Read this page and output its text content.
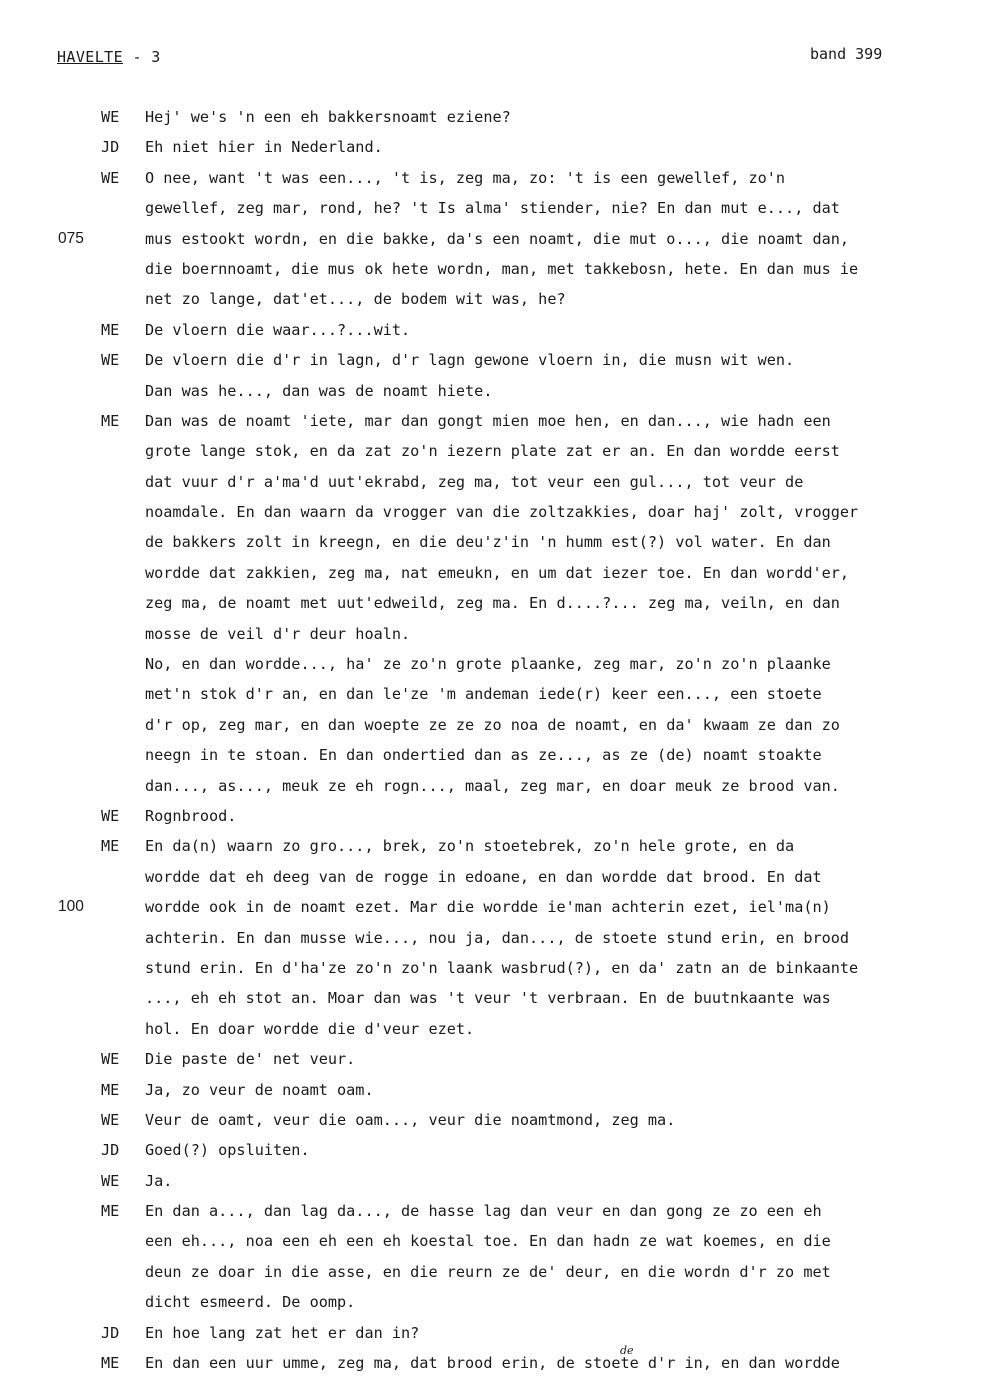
HAVELTE - 3	band 399
WE Hej' we's 'n een eh bakkersnoamt eziene?
JD Eh niet hier in Nederland.
WE O nee, want 't was een..., 't is, zeg ma, zo: 't is een gewellef, zo'n
gewellef, zeg mar, rond, he? 't Is alma' stiender, nie? En dan mut e..., dat
075	mus estookt wordn, en die bakke, da's een noamt, die mut o..., die noamt dan,
die boernnoamt, die mus ok hete wordn, man, met takkebosn, hete. En dan mus ie
net zo lange, dat'et..., de bodem wit was, he?
ME De vloern die waar...?...wit.
WE De vloern die d'r in lagn, d'r lagn gewone vloern in, die musn wit wen.
Dan was he..., dan was de noamt hiete.
ME Dan was de noamt 'iete, mar dan gongt mien moe hen, en dan..., wie hadn een
grote lange stok, en da zat zo'n iezern plate zat er an. En dan wordde eerst
dat vuur d'r a'ma'd uut'ekrabd, zeg ma, tot veur een gul..., tot veur de
noamdale. En dan waarn da vrogger van die zoltzakkies, doar haj' zolt, vrogger
de bakkers zolt in kreegn, en die deu'z'in 'n humm est(?) vol water. En dan
wordde dat zakkien, zeg ma, nat emeukn, en um dat iezer toe. En dan wordd'er,
zeg ma, de noamt met uut'edweild, zeg ma. En d....?... zeg ma, veiln, en dan
mosse de veil d'r deur hoaln.
No, en dan wordde..., ha' ze zo'n grote plaanke, zeg mar, zo'n zo'n plaanke
met'n stok d'r an, en dan le'ze 'm andeman iede(r) keer een..., een stoete
d'r op, zeg mar, en dan woepte ze ze zo noa de noamt, en da' kwaam ze dan zo
neegn in te stoan. En dan ondertied dan as ze..., as ze (de) noamt stoakte
dan..., as..., meuk ze eh rogn..., maal, zeg mar, en doar meuk ze brood van.
WE Rognbrood.
ME En da(n) waarn zo gro..., brek, zo'n stoetebrek, zo'n hele grote, en da
wordde dat eh deeg van de rogge in edoane, en dan wordde dat brood. En dat
100	wordde ook in de noamt ezet. Mar die wordde ie'man achterin ezet, iel'ma(n)
achterin. En dan musse wie..., nou ja, dan..., de stoete stund erin, en brood
stund erin. En d'ha'ze zo'n zo'n laank wasbrud(?), en da' zatn an de binkaante
..., eh eh stot an. Moar dan was 't veur 't verbraan. En de buutnkaante was
hol. En doar wordde die d'veur ezet.
WE Die paste de' net veur.
ME Ja, zo veur de noamt oam.
WE Veur de oamt, veur die oam..., veur die noamtmond, zeg ma.
JD Goed(?) opsluiten.
WE Ja.
ME En dan a..., dan lag da..., de hasse lag dan veur en dan gong ze zo een eh
een eh..., noa een eh een eh koestal toe. En dan hadn ze wat koemes, en die
deun ze doar in die asse, en die reurn ze de' deur, en die wordn d'r zo met
dicht esmeerd. De oomp.
JD En hoe lang zat het er dan in?
ME
de
En dan een uur umme, zeg ma, dat brood erin, de stoete d'r in, en dan wordde
